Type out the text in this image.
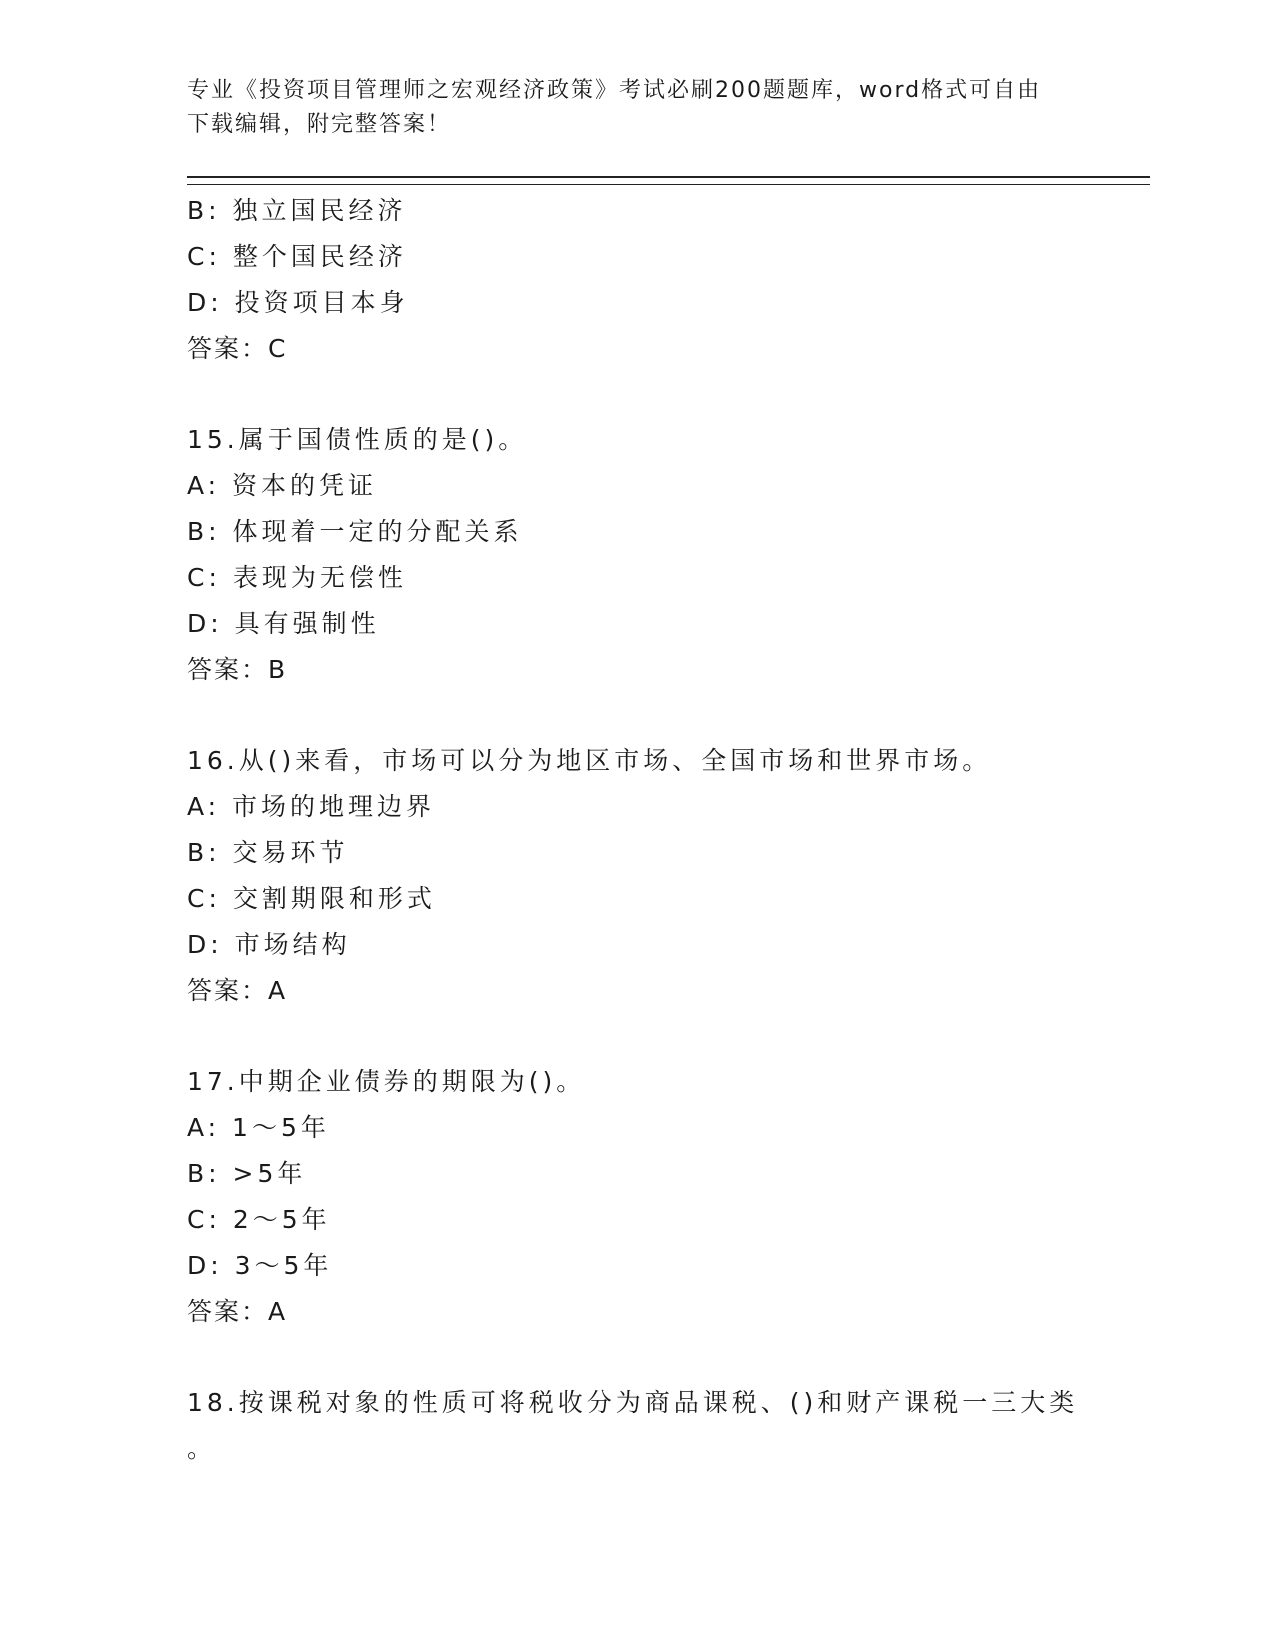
专业《投资项目管理师之宏观经济政策》考试必刷200题题库，word格式可自由
下载编辑，附完整答案！
B: 独立国民经济
C: 整个国民经济
D: 投资项目本身
答案：C
15.属于国债性质的是()。
A: 资本的凭证
B: 体现着一定的分配关系
C: 表现为无偿性
D: 具有强制性
答案：B
16.从()来看，市场可以分为地区市场、全国市场和世界市场。
A: 市场的地理边界
B: 交易环节
C: 交割期限和形式
D: 市场结构
答案：A
17.中期企业债券的期限为()。
A: 1～5年
B: >5年
C: 2～5年
D: 3～5年
答案：A
18.按课税对象的性质可将税收分为商品课税、()和财产课税一三大类
。
